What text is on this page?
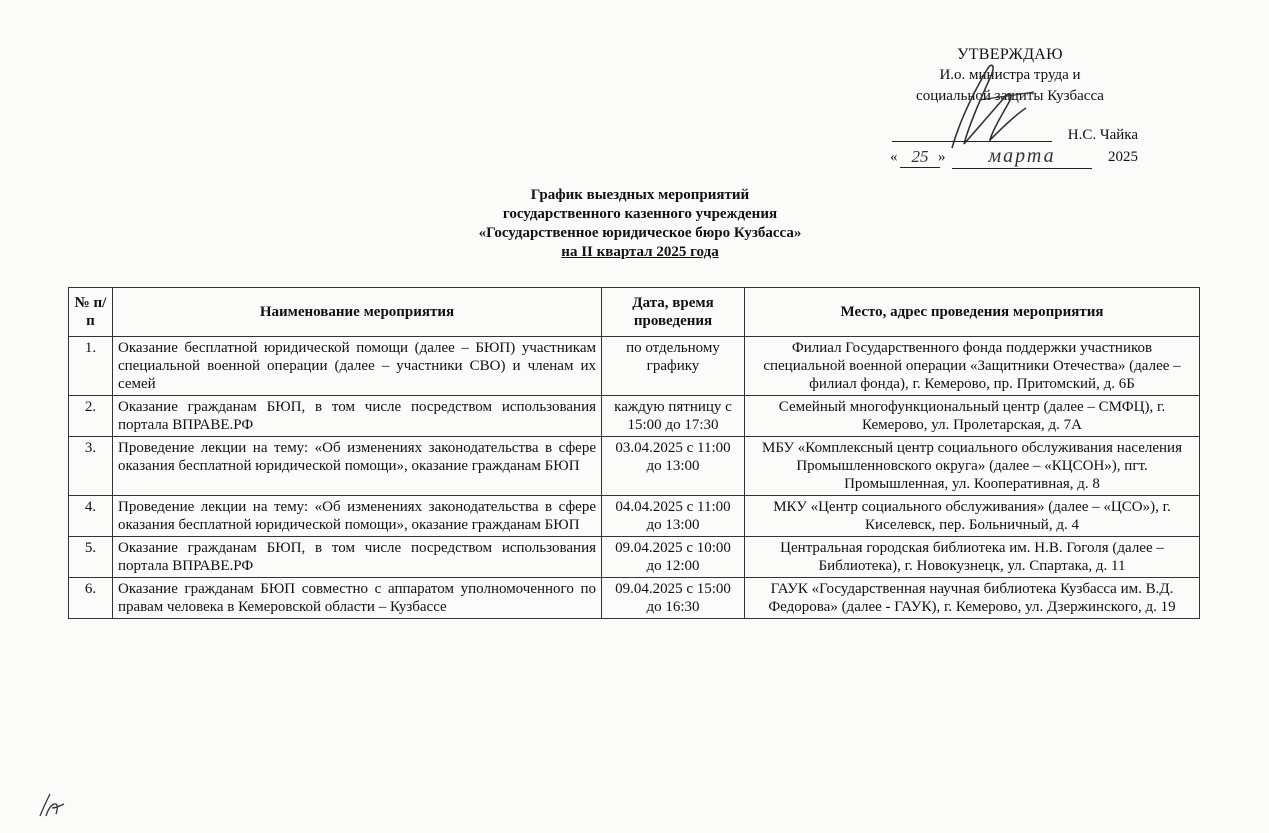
УТВЕРЖДАЮ
И.о. министра труда и
социальной защиты Кузбасса
Н.С. Чайка
« 25 »	марта	2025
График выездных мероприятий
государственного казенного учреждения
«Государственное юридическое бюро Кузбасса»
на II квартал 2025 года
№ п/п	Наименование мероприятия	Дата, время проведения	Место, адрес проведения мероприятия
1.	Оказание бесплатной юридической помощи (далее – БЮП) участникам специальной военной операции (далее – участники СВО) и членам их семей	по отдельному графику	Филиал Государственного фонда поддержки участников специальной военной операции «Защитники Отечества» (далее – филиал фонда), г. Кемерово, пр. Притомский, д. 6Б
2.	Оказание гражданам БЮП, в том числе посредством использования портала ВПРАВЕ.РФ	каждую пятницу с 15:00 до 17:30	Семейный многофункциональный центр (далее – СМФЦ), г. Кемерово, ул. Пролетарская, д. 7А
3.	Проведение лекции на тему: «Об изменениях законодательства в сфере оказания бесплатной юридической помощи», оказание гражданам БЮП	03.04.2025 с 11:00 до 13:00	МБУ «Комплексный центр социального обслуживания населения Промышленновского округа» (далее – «КЦСОН»), пгт. Промышленная, ул. Кооперативная, д. 8
4.	Проведение лекции на тему: «Об изменениях законодательства в сфере оказания бесплатной юридической помощи», оказание гражданам БЮП	04.04.2025 с 11:00 до 13:00	МКУ «Центр социального обслуживания» (далее – «ЦСО»), г. Киселевск, пер. Больничный, д. 4
5.	Оказание гражданам БЮП, в том числе посредством использования портала ВПРАВЕ.РФ	09.04.2025 с 10:00 до 12:00	Центральная городская библиотека им. Н.В. Гоголя (далее – Библиотека), г. Новокузнецк, ул. Спартака, д. 11
6.	Оказание гражданам БЮП совместно с аппаратом уполномоченного по правам человека в Кемеровской области – Кузбассе	09.04.2025 с 15:00 до 16:30	ГАУК «Государственная научная библиотека Кузбасса им. В.Д. Федорова» (далее - ГАУК), г. Кемерово, ул. Дзержинского, д. 19
